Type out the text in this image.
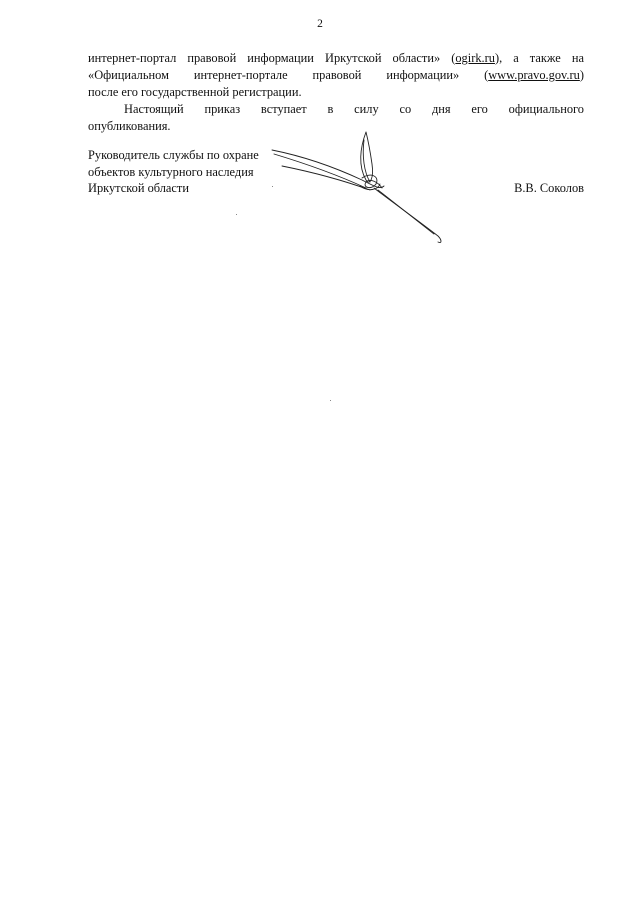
2
интернет-портал правовой информации Иркутской области» (ogirk.ru), а также на
«Официальном интернет-портале правовой информации» (www.pravo.gov.ru)
после его государственной регистрации.
Настоящий приказ вступает в силу со дня его официального
опубликования.
Руководитель службы по охране
объектов культурного наследия
Иркутской области	В.В. Соколов
